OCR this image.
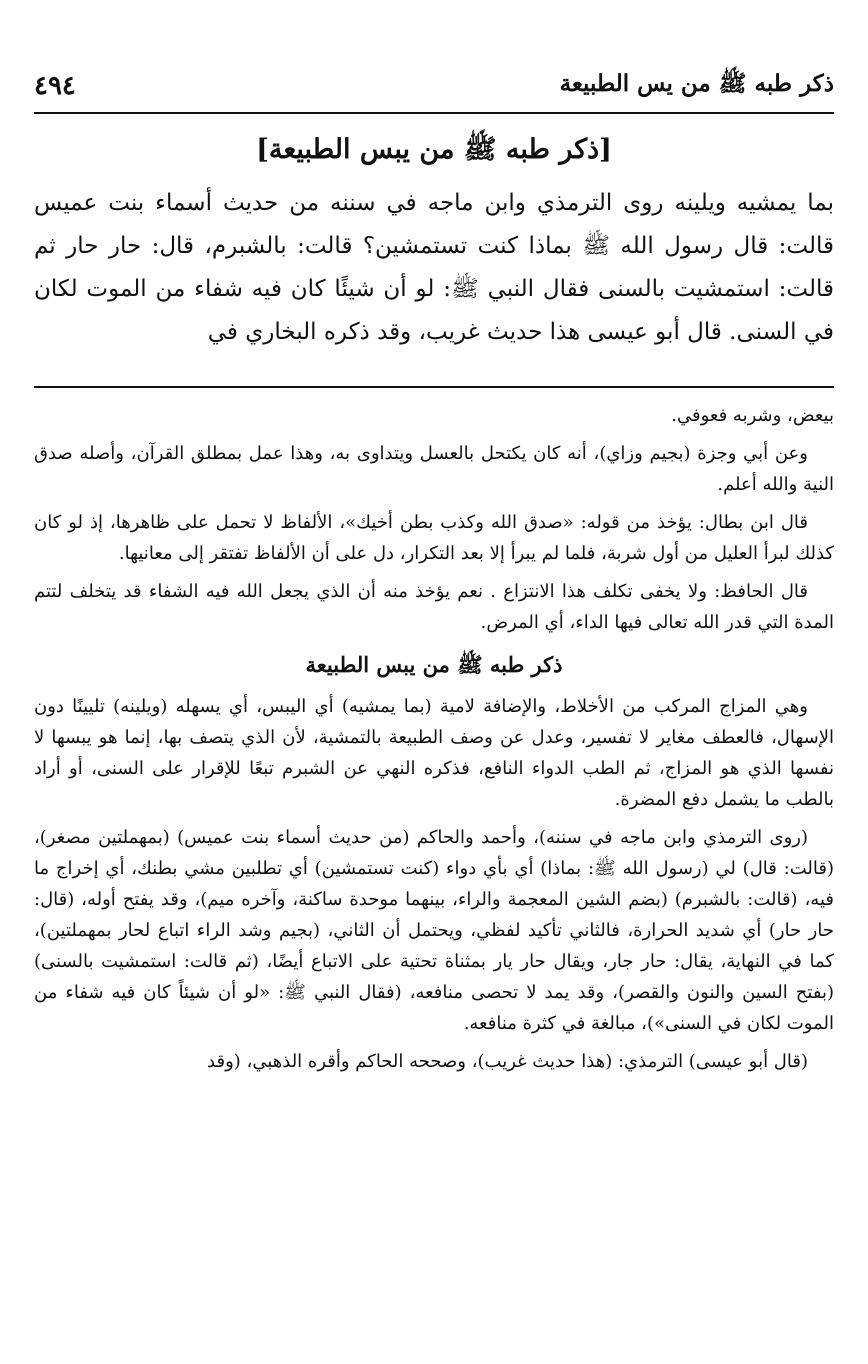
٤٩٤	ذكر طبه ﷺ من يس الطبيعة
[ذكر طبه ﷺ من يبس الطبيعة]

بما يمشيه ويلينه روى الترمذي وابن ماجه في سننه من حديث أسماء بنت عميس قالت: قال رسول الله ﷺ بماذا كنت تستمشين؟ قالت: بالشبرم، قال: حار حار ثم قالت: استمشيت بالسنى فقال النبي ﷺ: لو أن شيئًا كان فيه شفاء من الموت لكان في السنى. قال أبو عيسى هذا حديث غريب، وقد ذكره البخاري في

بيعض، وشربه فعوفي.

وعن أبي وجزة (بجيم وزاي)، أنه كان يكتحل بالعسل ويتداوى به، وهذا عمل بمطلق القرآن، وأصله صدق النية والله أعلم.

قال ابن بطال: يؤخذ من قوله: «صدق الله وكذب بطن أخيك»، الألفاظ لا تحمل على ظاهرها، إذ لو كان كذلك لبرأ العليل من أول شربة، فلما لم يبرأ إلا بعد التكرار، دل على أن الألفاظ تفتقر إلى معانيها.

قال الحافظ: ولا يخفى تكلف هذا الانتزاع . نعم يؤخذ منه أن الذي يجعل الله فيه الشفاء قد يتخلف لتتم المدة التي قدر الله تعالى فيها الداء، أي المرض.

ذكر طبه ﷺ من يبس الطبيعة

وهي المزاج المركب من الأخلاط، والإضافة لامية (بما يمشيه) أي اليبس، أي يسهله (ويلينه) تليينًا دون الإسهال، فالعطف مغاير لا تفسير، وعدل عن وصف الطبيعة بالتمشية، لأن الذي يتصف بها، إنما هو يبسها لا نفسها الذي هو المزاج، ثم الطب الدواء النافع، فذكره النهي عن الشبرم تبعًا للإقرار على السنى، أو أراد بالطب ما يشمل دفع المضرة.

(روى الترمذي وابن ماجه في سننه)، وأحمد والحاكم (من حديث أسماء بنت عميس) (بمهملتين مصغر)، (قالت: قال) لي (رسول الله ﷺ: بماذا) أي بأي دواء (كنت تستمشين) أي تطلبين مشي بطنك، أي إخراج ما فيه، (قالت: بالشبرم) (بضم الشين المعجمة والراء، بينهما موحدة ساكنة، وآخره ميم)، وقد يفتح أوله، (قال: حار حار) أي شديد الحرارة، فالثاني تأكيد لفظي، ويحتمل أن الثاني، (بجيم وشد الراء اتباع لحار بمهملتين)، كما في النهاية، يقال: حار جار، ويقال حار يار بمثناة تحتية على الاتباع أيضًا، (ثم قالت: استمشيت بالسنى) (بفتح السين والنون والقصر)، وقد يمد لا تحصى منافعه، (فقال النبي ﷺ: «لو أن شيئاً كان فيه شفاء من الموت لكان في السنى»)، مبالغة في كثرة منافعه.

(قال أبو عيسى) الترمذي: (هذا حديث غريب)، وصححه الحاكم وأقره الذهبي، (وقد
